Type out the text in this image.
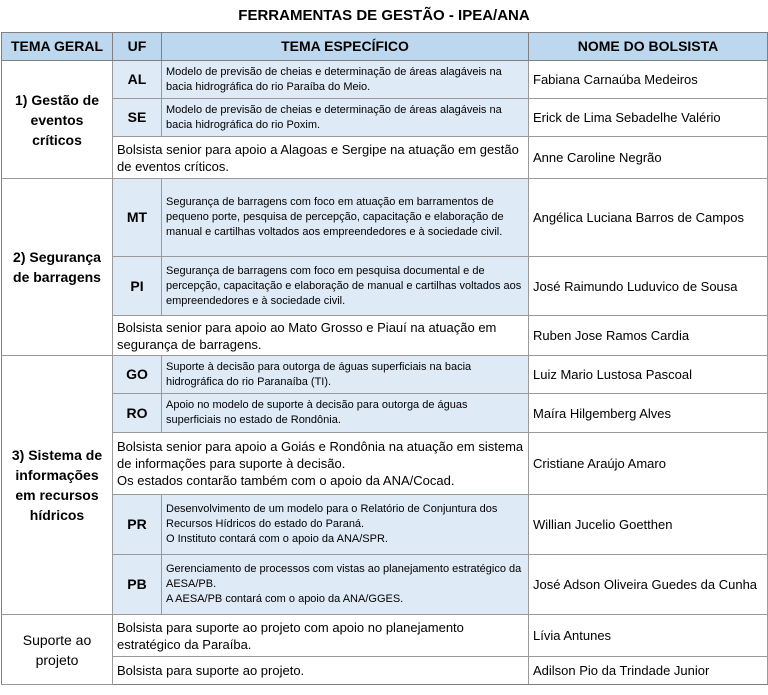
FERRAMENTAS DE GESTÃO - IPEA/ANA
TEMA GERAL	UF	TEMA ESPECÍFICO	NOME DO BOLSISTA
1) Gestão de eventos críticos	AL	Modelo de previsão de cheias e determinação de áreas alagáveis na bacia hidrográfica do rio Paraíba do Meio.	Fabiana Carnaúba Medeiros
	SE	Modelo de previsão de cheias e determinação de áreas alagáveis na bacia hidrográfica do rio Poxim.	Erick de Lima Sebadelhe Valério
	Bolsista senior para apoio a Alagoas e Sergipe na atuação em gestão de eventos críticos.		Anne Caroline Negrão
2) Segurança de barragens	MT	Segurança de barragens com foco em atuação em barramentos de pequeno porte, pesquisa de percepção, capacitação e elaboração de manual e cartilhas voltados aos empreendedores e à sociedade civil.	Angélica Luciana Barros de Campos
	PI	Segurança de barragens com foco em pesquisa documental e de percepção, capacitação e elaboração de manual e cartilhas voltados aos empreendedores e à sociedade civil.	José Raimundo Luduvico de Sousa
	Bolsista senior para apoio ao Mato Grosso e Piauí na atuação em segurança de barragens.		Ruben Jose Ramos Cardia
3) Sistema de informações em recursos hídricos	GO	Suporte à decisão para outorga de águas superficiais na bacia hidrográfica do rio Paranaíba (TI).	Luiz Mario Lustosa Pascoal
	RO	Apoio no modelo de suporte à decisão para outorga de águas superficiais no estado de Rondônia.	Maíra Hilgemberg Alves
	Bolsista senior para apoio a Goiás e Rondônia na atuação em sistema de informações para suporte à decisão.
Os estados contarão também com o apoio da ANA/Cocad.		Cristiane Araújo Amaro
	PR	Desenvolvimento de um modelo para o Relatório de Conjuntura dos Recursos Hídricos do estado do Paraná.
O Instituto contará com o apoio da ANA/SPR.	Willian Jucelio Goetthen
	PB	Gerenciamento de processos com vistas ao planejamento estratégico da AESA/PB.
A AESA/PB contará com o apoio da ANA/GGES.	José Adson Oliveira Guedes da Cunha
Suporte ao projeto	Bolsista para suporte ao projeto com apoio no planejamento estratégico da Paraíba.		Lívia Antunes
	Bolsista para suporte ao projeto.		Adilson Pio da Trindade Junior
